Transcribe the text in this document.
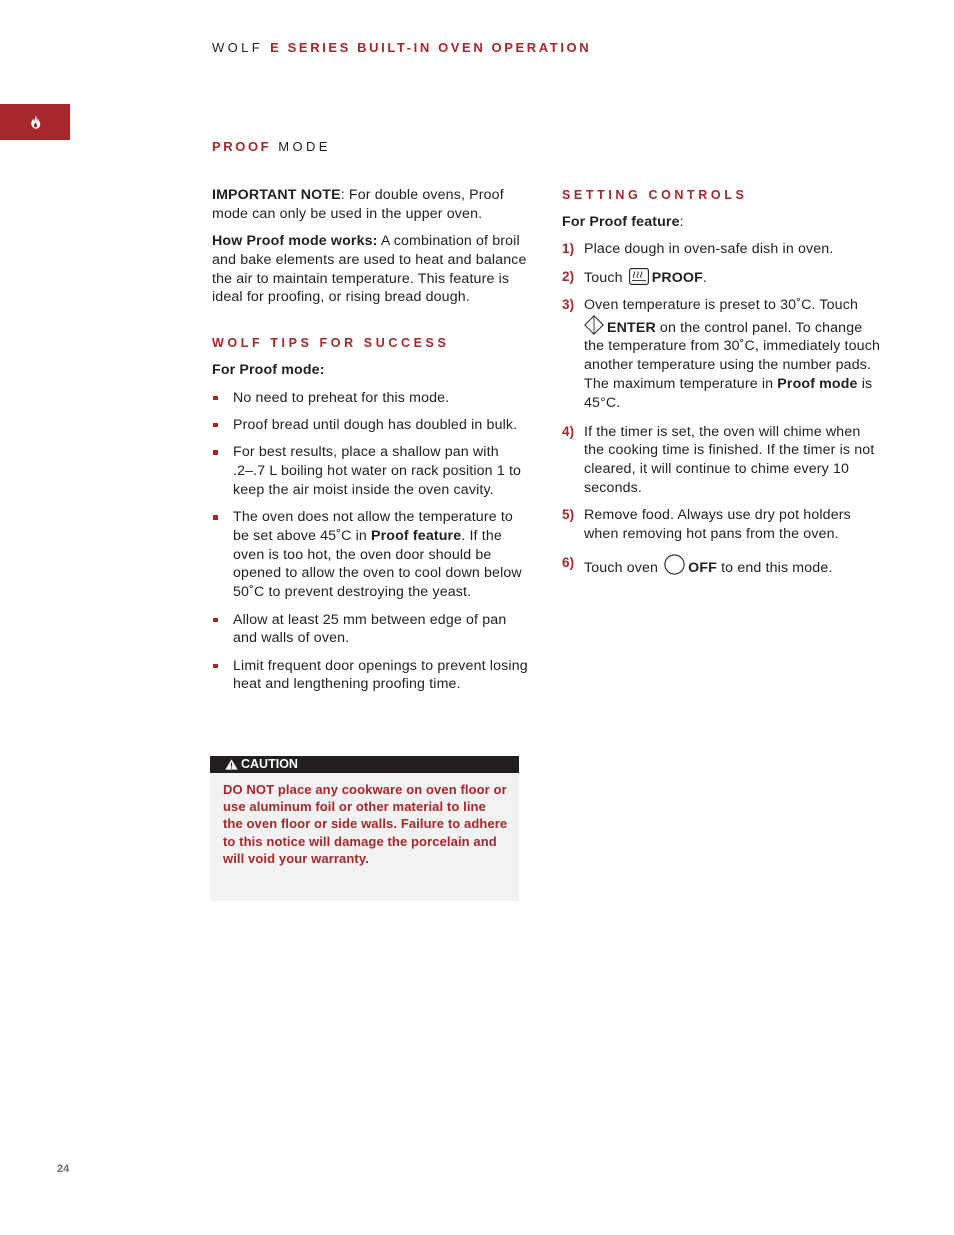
WOLF E SERIES BUILT-IN OVEN OPERATION
PROOF MODE

IMPORTANT NOTE: For double ovens, Proof mode can only be used in the upper oven.

How Proof mode works: A combination of broil and bake elements are used to heat and balance the air to maintain temperature. This feature is ideal for proofing, or rising bread dough.

WOLF TIPS FOR SUCCESS

For Proof mode:

No need to preheat for this mode.
Proof bread until dough has doubled in bulk.
For best results, place a shallow pan with .2–.7 L boiling hot water on rack position 1 to keep the air moist inside the oven cavity.
The oven does not allow the temperature to be set above 45˚C in Proof feature. If the oven is too hot, the oven door should be opened to allow the oven to cool down below 50˚C to prevent destroying the yeast.
Allow at least 25 mm between edge of pan and walls of oven.
Limit frequent door openings to prevent losing heat and lengthening proofing time.
CAUTION
DO NOT place any cookware on oven floor or use aluminum foil or other material to line the oven floor or side walls. Failure to adhere to this notice will damage the porcelain and will void your warranty.
SETTING CONTROLS

For Proof feature:

1) Place dough in oven-safe dish in oven.
2) Touch PROOF.
3) Oven temperature is preset to 30˚C. Touch
ENTER on the control panel. To change the temperature from 30˚C, immediately touch another temperature using the number pads. The maximum temperature in Proof mode is 45°C.
4) If the timer is set, the oven will chime when the cooking time is finished. If the timer is not cleared, it will continue to chime every 10 seconds.
5) Remove food. Always use dry pot holders when removing hot pans from the oven.
6) Touch oven OFF to end this mode.
24
